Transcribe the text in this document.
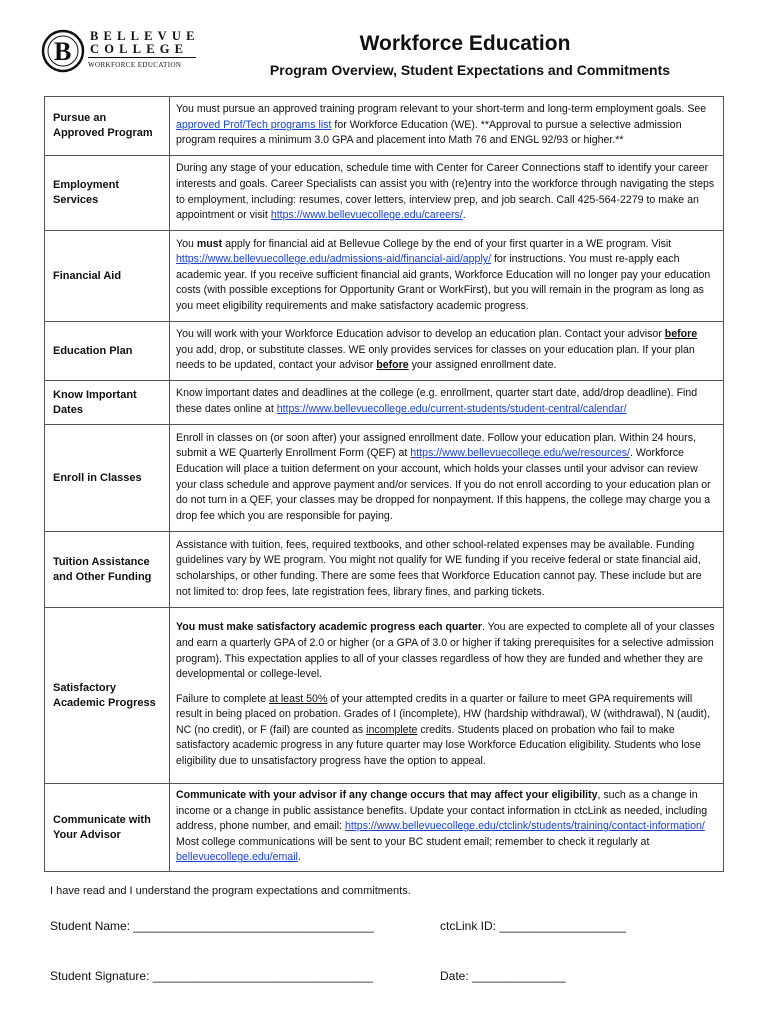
B
BELLEVUE
COLLEGE
WORKFORCE EDUCATION
Workforce Education
Program Overview, Student Expectations and Commitments
Pursue an
Approved Program	You must pursue an approved training program relevant to your short-term and long-term employment goals. See approved Prof/Tech programs list for Workforce Education (WE). **Approval to pursue a selective admission program requires a minimum 3.0 GPA and placement into Math 76 and ENGL 92/93 or higher.**
Employment
Services	During any stage of your education, schedule time with Center for Career Connections staff to identify your career interests and goals. Career Specialists can assist you with (re)entry into the workforce through navigating the steps to employment, including: resumes, cover letters, interview prep, and job search. Call 425-564-2279 to make an appointment or visit https://www.bellevuecollege.edu/careers/.
Financial Aid	You must apply for financial aid at Bellevue College by the end of your first quarter in a WE program. Visit https://www.bellevuecollege.edu/admissions-aid/financial-aid/apply/ for instructions. You must re-apply each academic year. If you receive sufficient financial aid grants, Workforce Education will no longer pay your education costs (with possible exceptions for Opportunity Grant or WorkFirst), but you will remain in the program as long as you meet eligibility requirements and make satisfactory academic progress.
Education Plan	You will work with your Workforce Education advisor to develop an education plan. Contact your advisor before you add, drop, or substitute classes. WE only provides services for classes on your education plan. If your plan needs to be updated, contact your advisor before your assigned enrollment date.
Know Important
Dates	Know important dates and deadlines at the college (e.g. enrollment, quarter start date, add/drop deadline). Find these dates online at https://www.bellevuecollege.edu/current-students/student-central/calendar/
Enroll in Classes	Enroll in classes on (or soon after) your assigned enrollment date. Follow your education plan. Within 24 hours, submit a WE Quarterly Enrollment Form (QEF) at https://www.bellevuecollege.edu/we/resources/. Workforce Education will place a tuition deferment on your account, which holds your classes until your advisor can review your class schedule and approve payment and/or services. If you do not enroll according to your education plan or do not turn in a QEF, your classes may be dropped for nonpayment. If this happens, the college may charge you a drop fee which you are responsible for paying.
Tuition Assistance
and Other Funding	Assistance with tuition, fees, required textbooks, and other school-related expenses may be available. Funding guidelines vary by WE program. You might not qualify for WE funding if you receive federal or state financial aid, scholarships, or other funding. There are some fees that Workforce Education cannot pay. These include but are not limited to: drop fees, late registration fees, library fines, and parking tickets.
Satisfactory
Academic Progress	You must make satisfactory academic progress each quarter. You are expected to complete all of your classes and earn a quarterly GPA of 2.0 or higher (or a GPA of 3.0 or higher if taking prerequisites for a selective admission program). This expectation applies to all of your classes regardless of how they are funded and whether they are developmental or college-level.
Failure to complete at least 50% of your attempted credits in a quarter or failure to meet GPA requirements will result in being placed on probation. Grades of I (incomplete), HW (hardship withdrawal), W (withdrawal), N (audit), NC (no credit), or F (fail) are counted as incomplete credits. Students placed on probation who fail to make satisfactory academic progress in any future quarter may lose Workforce Education eligibility. Students who lose eligibility due to unsatisfactory progress have the option to appeal.
Communicate with
Your Advisor	Communicate with your advisor if any change occurs that may affect your eligibility, such as a change in income or a change in public assistance benefits. Update your contact information in ctcLink as needed, including address, phone number, and email: https://www.bellevuecollege.edu/ctclink/students/training/contact-information/ Most college communications will be sent to your BC student email; remember to check it regularly at bellevuecollege.edu/email.
I have read and I understand the program expectations and commitments.
Student Name: ____________________________________	ctcLink ID: ___________________
Student Signature: _________________________________	Date: ______________
